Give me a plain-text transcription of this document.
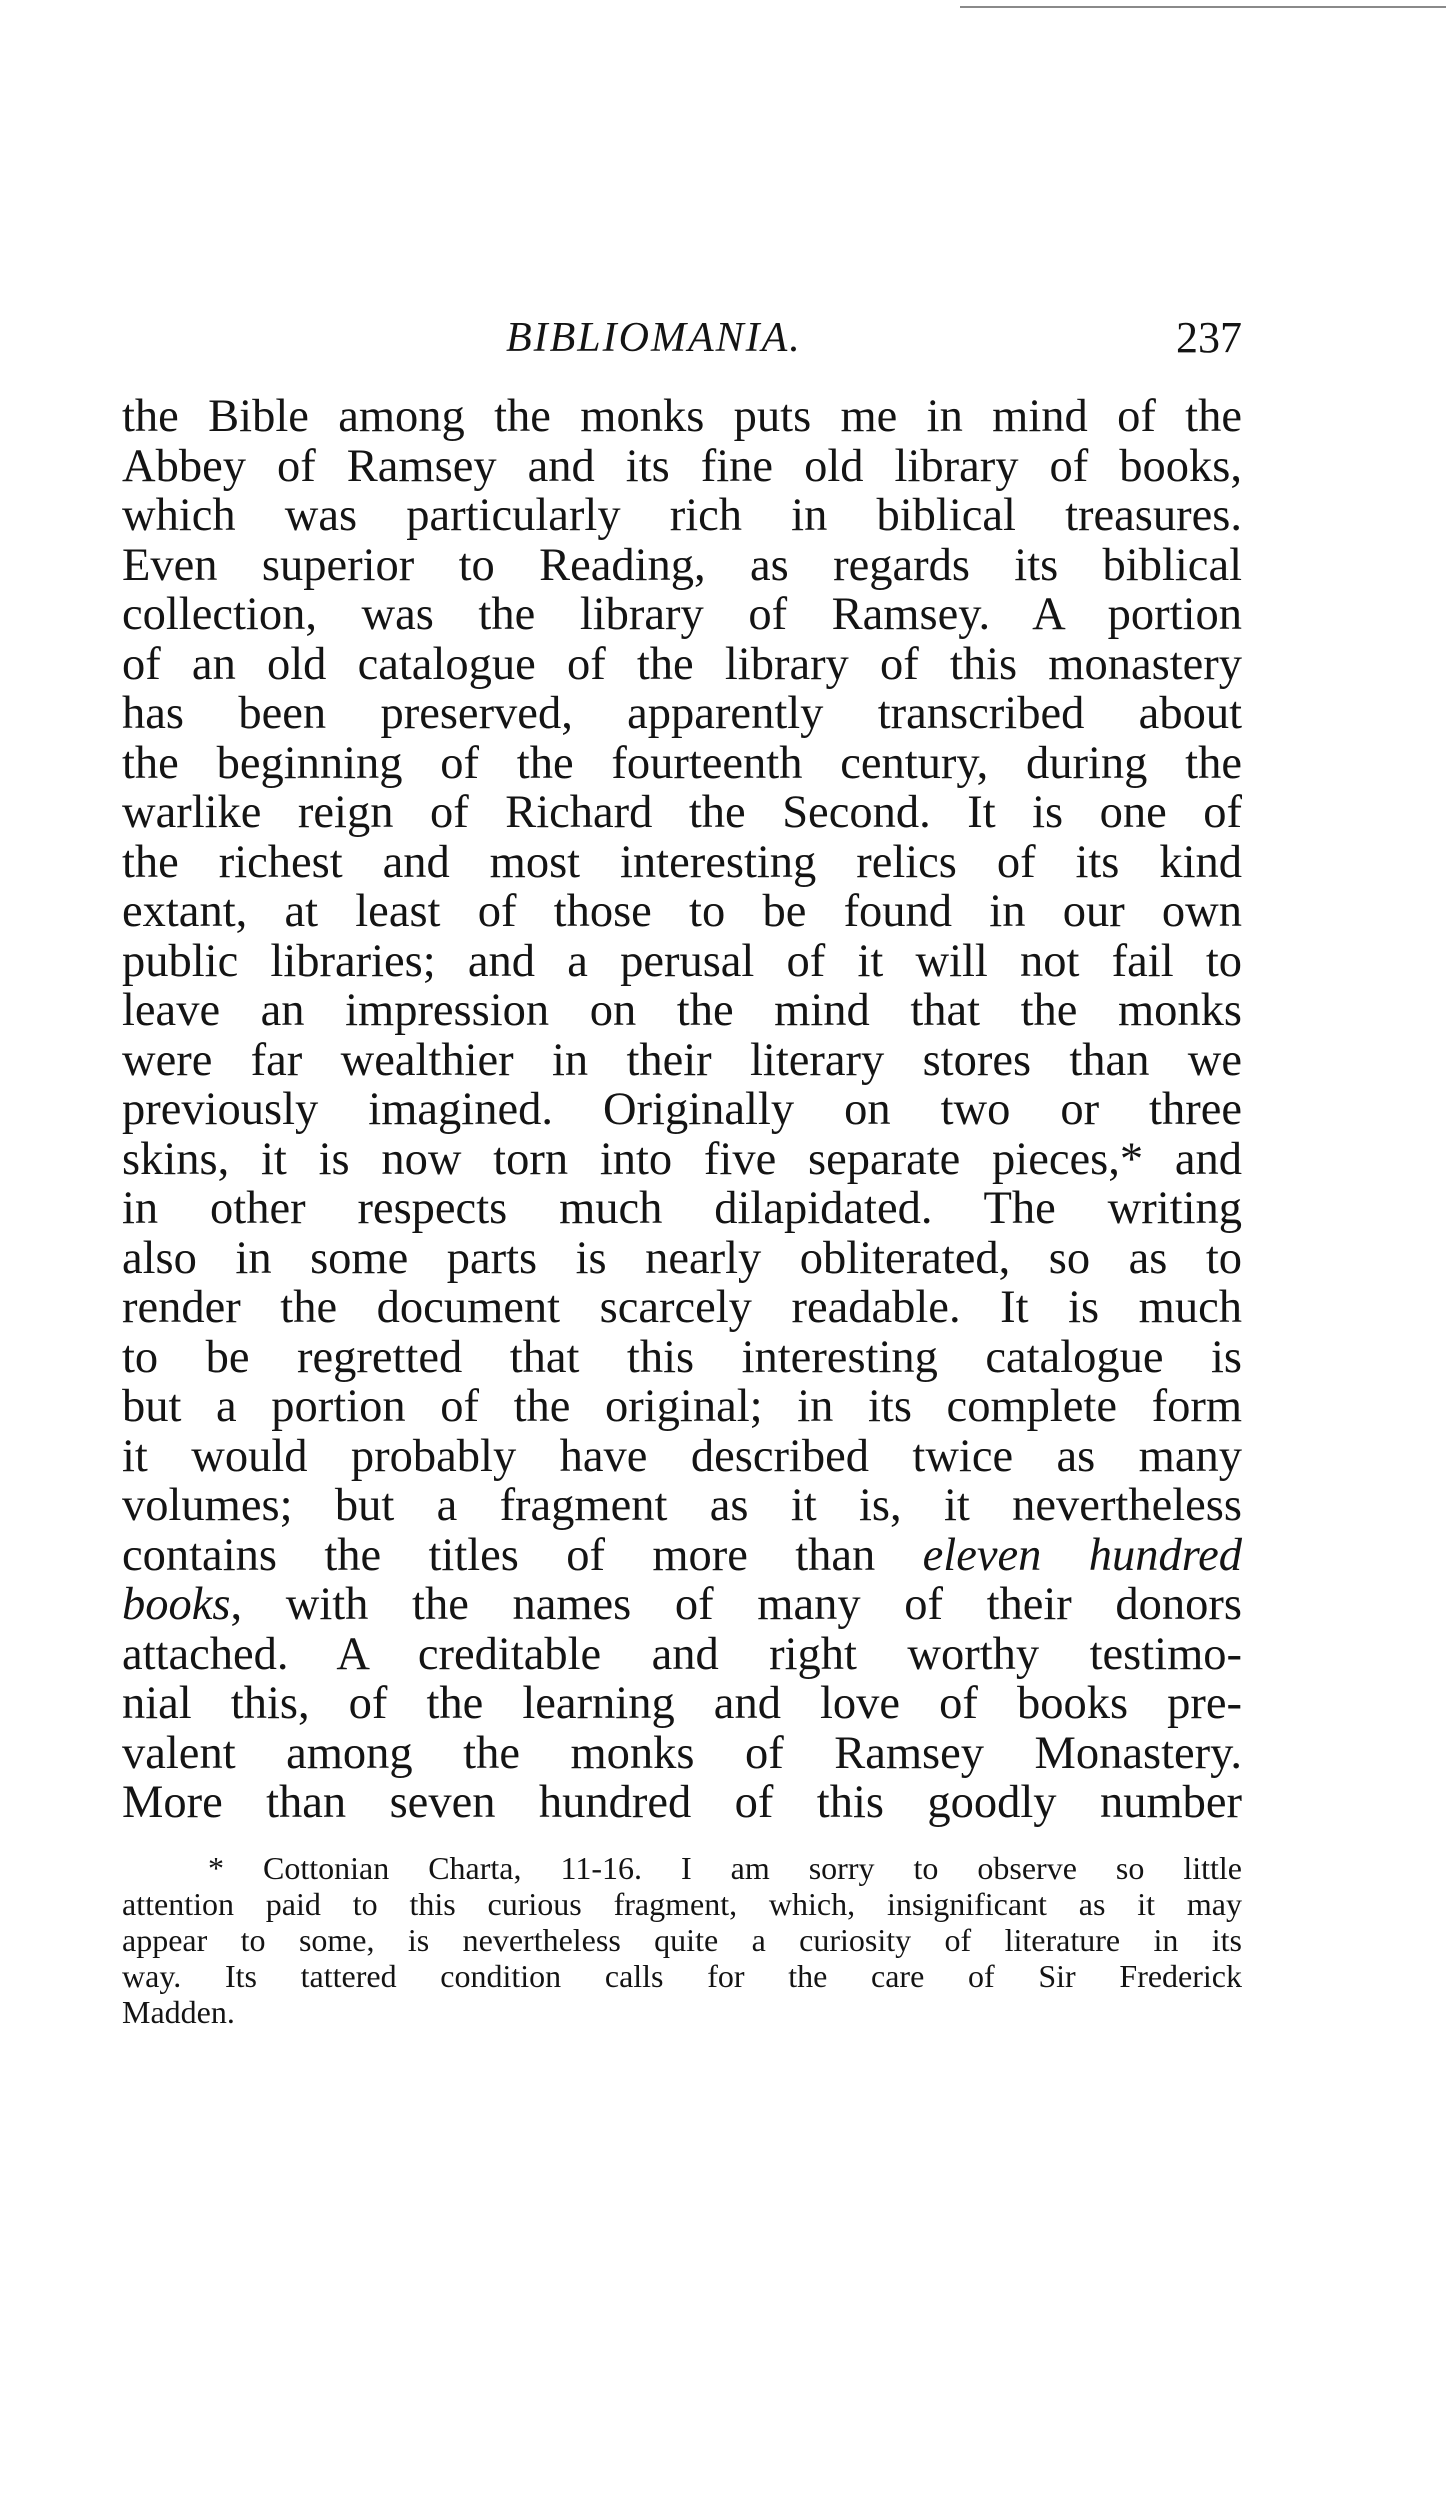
BIBLIOMANIA.	237
the Bible among the monks puts me in mind of the
Abbey of Ramsey and its fine old library of books,
which was particularly rich in biblical treasures.
Even superior to Reading, as regards its biblical
collection, was the library of Ramsey. A portion
of an old catalogue of the library of this monastery
has been preserved, apparently transcribed about
the beginning of the fourteenth century, during the
warlike reign of Richard the Second. It is one of
the richest and most interesting relics of its kind
extant, at least of those to be found in our own
public libraries; and a perusal of it will not fail to
leave an impression on the mind that the monks
were far wealthier in their literary stores than we
previously imagined. Originally on two or three
skins, it is now torn into five separate pieces,* and
in other respects much dilapidated. The writing
also in some parts is nearly obliterated, so as to
render the document scarcely readable. It is much
to be regretted that this interesting catalogue is
but a portion of the original; in its complete form
it would probably have described twice as many
volumes; but a fragment as it is, it nevertheless
contains the titles of more than eleven hundred
books, with the names of many of their donors
attached. A creditable and right worthy testimo-
nial this, of the learning and love of books pre-
valent among the monks of Ramsey Monastery.
More than seven hundred of this goodly number
* Cottonian Charta, 11-16. I am sorry to observe so little
attention paid to this curious fragment, which, insignificant as it may
appear to some, is nevertheless quite a curiosity of literature in its
way. Its tattered condition calls for the care of Sir Frederick
Madden.
